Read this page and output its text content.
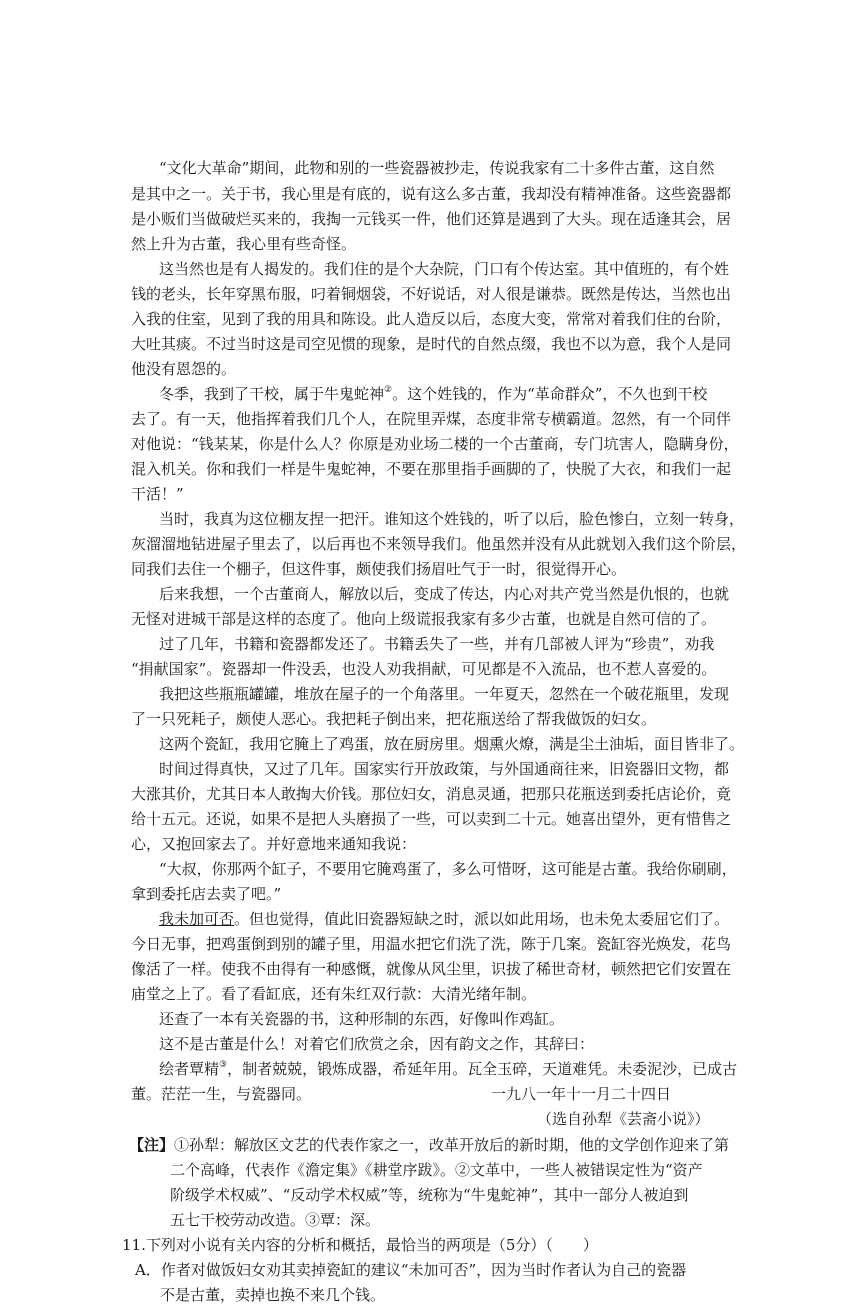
“文化大革命”期间，此物和别的一些瓷器被抄走，传说我家有二十多件古董，这自然
是其中之一。关于书，我心里是有底的，说有这么多古董，我却没有精神准备。这些瓷器都
是小贩们当做破烂买来的，我掏一元钱买一件，他们还算是遇到了大头。现在适逢其会，居
然上升为古董，我心里有些奇怪。
这当然也是有人揭发的。我们住的是个大杂院，门口有个传达室。其中值班的，有个姓
钱的老头，长年穿黑布服，叼着铜烟袋，不好说话，对人很是谦恭。既然是传达，当然也出
入我的住室，见到了我的用具和陈设。此人造反以后，态度大变，常常对着我们住的台阶，
大吐其痰。不过当时这是司空见惯的现象，是时代的自然点缀，我也不以为意，我个人是同
他没有恩怨的。
冬季，我到了干校，属于牛鬼蛇神②。这个姓钱的，作为“革命群众”，不久也到干校
去了。有一天，他指挥着我们几个人，在院里弄煤，态度非常专横霸道。忽然，有一个同伴
对他说：“钱某某，你是什么人？你原是劝业场二楼的一个古董商，专门坑害人，隐瞒身份，
混入机关。你和我们一样是牛鬼蛇神，不要在那里指手画脚的了，快脱了大衣，和我们一起
干活！”
当时，我真为这位棚友捏一把汗。谁知这个姓钱的，听了以后，脸色惨白，立刻一转身，
灰溜溜地钻进屋子里去了，以后再也不来领导我们。他虽然并没有从此就划入我们这个阶层，
同我们去住一个棚子，但这件事，颇使我们扬眉吐气于一时，很觉得开心。
后来我想，一个古董商人，解放以后，变成了传达，内心对共产党当然是仇恨的，也就
无怪对进城干部是这样的态度了。他向上级谎报我家有多少古董，也就是自然可信的了。
过了几年，书籍和瓷器都发还了。书籍丢失了一些，并有几部被人评为“珍贵”，劝我
“捐献国家”。瓷器却一件没丢，也没人劝我捐献，可见都是不入流品，也不惹人喜爱的。
我把这些瓶瓶罐罐，堆放在屋子的一个角落里。一年夏天，忽然在一个破花瓶里，发现
了一只死耗子，颇使人恶心。我把耗子倒出来，把花瓶送给了帮我做饭的妇女。
这两个瓷缸，我用它腌上了鸡蛋，放在厨房里。烟熏火燎，满是尘土油垢，面目皆非了。
时间过得真快，又过了几年。国家实行开放政策，与外国通商往来，旧瓷器旧文物，都
大涨其价，尤其日本人敢掏大价钱。那位妇女，消息灵通，把那只花瓶送到委托店论价，竟
给十五元。还说，如果不是把人头磨损了一些，可以卖到二十元。她喜出望外，更有惜售之
心，又抱回家去了。并好意地来通知我说：
“大叔，你那两个缸子，不要用它腌鸡蛋了，多么可惜呀，这可能是古董。我给你刷刷，
拿到委托店去卖了吧。”
我未加可否。但也觉得，值此旧瓷器短缺之时，派以如此用场，也未免太委屈它们了。
今日无事，把鸡蛋倒到别的罐子里，用温水把它们洗了洗，陈于几案。瓷缸容光焕发，花鸟
像活了一样。使我不由得有一种感慨，就像从风尘里，识拔了稀世奇材，顿然把它们安置在
庙堂之上了。看了看缸底，还有朱红双行款：大清光绪年制。
还查了一本有关瓷器的书，这种形制的东西，好像叫作鸡缸。
这不是古董是什么！对着它们欣赏之余，因有韵文之作，其辞曰：
绘者覃精③，制者兢兢，锻炼成器，希延年用。瓦全玉碎，天道难凭。未委泥沙，已成古
董。茫茫一生，与瓷器同。	一九八一年十一月二十四日
（选自孙犁《芸斋小说》）
【注】①孙犁：解放区文艺的代表作家之一，改革开放后的新时期，他的文学创作迎来了第
二个高峰，代表作《澹定集》《耕堂序跋》。②文革中，一些人被错误定性为“资产
阶级学术权威”、“反动学术权威”等，统称为“牛鬼蛇神”，其中一部分人被迫到
五七干校劳动改造。③覃：深。
11.下列对小说有关内容的分析和概括，最恰当的两项是（5分）（　　）
A．作者对做饭妇女劝其卖掉瓷缸的建议“未加可否”，因为当时作者认为自己的瓷器
不是古董，卖掉也换不来几个钱。
